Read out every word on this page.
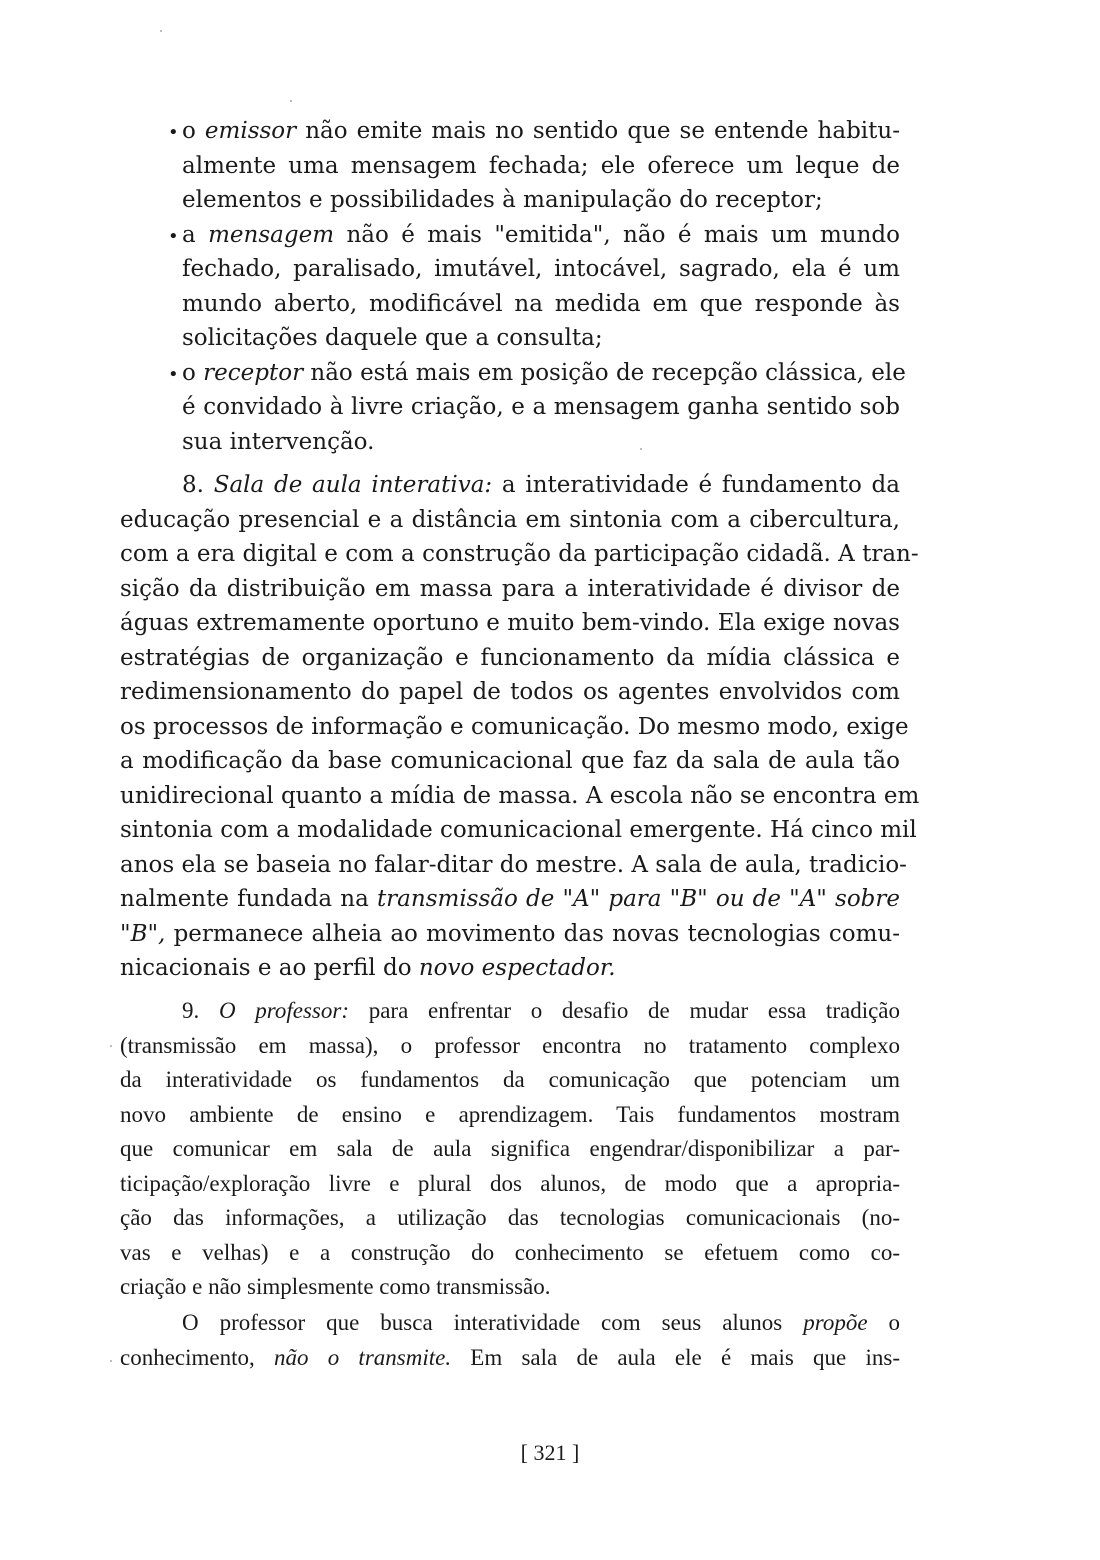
• o emissor não emite mais no sentido que se entende habitu-
almente uma mensagem fechada; ele oferece um leque de
elementos e possibilidades à manipulação do receptor;
• a mensagem não é mais "emitida", não é mais um mundo
fechado, paralisado, imutável, intocável, sagrado, ela é um
mundo aberto, modificável na medida em que responde às
solicitações daquele que a consulta;
• o receptor não está mais em posição de recepção clássica, ele
é convidado à livre criação, e a mensagem ganha sentido sob
sua intervenção.
8. Sala de aula interativa: a interatividade é fundamento da
educação presencial e a distância em sintonia com a cibercultura,
com a era digital e com a construção da participação cidadã. A tran-
sição da distribuição em massa para a interatividade é divisor de
águas extremamente oportuno e muito bem-vindo. Ela exige novas
estratégias de organização e funcionamento da mídia clássica e
redimensionamento do papel de todos os agentes envolvidos com
os processos de informação e comunicação. Do mesmo modo, exige
a modificação da base comunicacional que faz da sala de aula tão
unidirecional quanto a mídia de massa. A escola não se encontra em
sintonia com a modalidade comunicacional emergente. Há cinco mil
anos ela se baseia no falar-ditar do mestre. A sala de aula, tradicio-
nalmente fundada na transmissão de "A" para "B" ou de "A" sobre
"B", permanece alheia ao movimento das novas tecnologias comu-
nicacionais e ao perfil do novo espectador.
9. O professor: para enfrentar o desafio de mudar essa tradição
(transmissão em massa), o professor encontra no tratamento complexo
da interatividade os fundamentos da comunicação que potenciam um
novo ambiente de ensino e aprendizagem. Tais fundamentos mostram
que comunicar em sala de aula significa engendrar/disponibilizar a par-
ticipação/exploração livre e plural dos alunos, de modo que a apropria-
ção das informações, a utilização das tecnologias comunicacionais (no-
vas e velhas) e a construção do conhecimento se efetuem como co-
criação e não simplesmente como transmissão.
O professor que busca interatividade com seus alunos propõe o
conhecimento, não o transmite. Em sala de aula ele é mais que ins-
[ 321 ]
